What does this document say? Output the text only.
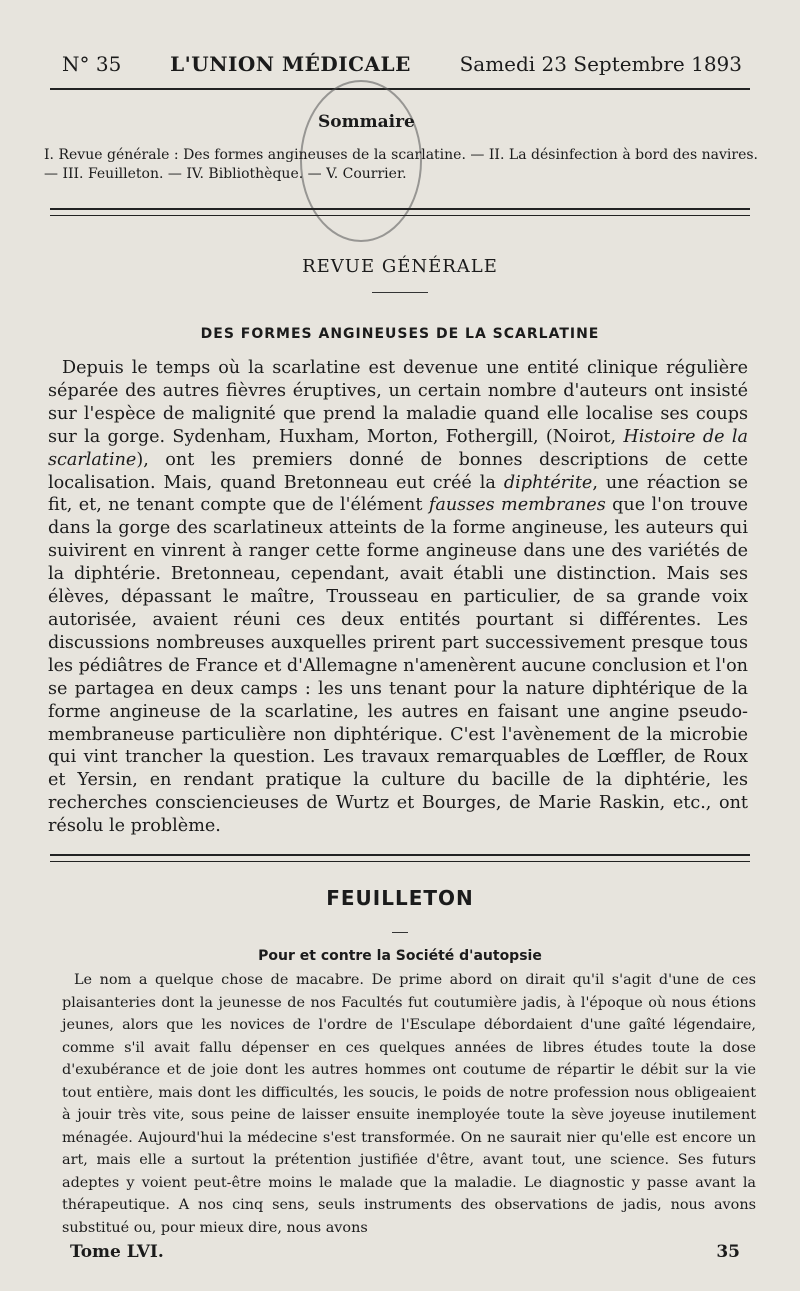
N° 35 L'UNION MÉDICALE Samedi 23 Septembre 1893
Sommaire
I. Revue générale : Des formes angineuses de la scarlatine. — II. La désinfection à bord des navires. — III. Feuilleton. — IV. Bibliothèque. — V. Courrier.
REVUE GÉNÉRALE
DES FORMES ANGINEUSES DE LA SCARLATINE

Depuis le temps où la scarlatine est devenue une entité clinique régulière séparée des autres fièvres éruptives, un certain nombre d'auteurs ont insisté sur l'espèce de malignité que prend la maladie quand elle localise ses coups sur la gorge. Sydenham, Huxham, Morton, Fothergill, (Noirot, Histoire de la scarlatine), ont les premiers donné de bonnes descriptions de cette localisation. Mais, quand Bretonneau eut créé la diphtérite, une réaction se fit, et, ne tenant compte que de l'élément fausses membranes que l'on trouve dans la gorge des scarlatineux atteints de la forme angineuse, les auteurs qui suivirent en vinrent à ranger cette forme angineuse dans une des variétés de la diphtérie. Bretonneau, cependant, avait établi une distinction. Mais ses élèves, dépassant le maître, Trousseau en particulier, de sa grande voix autorisée, avaient réuni ces deux entités pourtant si différentes. Les discussions nombreuses auxquelles prirent part successivement presque tous les pédiâtres de France et d'Allemagne n'amenèrent aucune conclusion et l'on se partagea en deux camps : les uns tenant pour la nature diphtérique de la forme angineuse de la scarlatine, les autres en faisant une angine pseudo-membraneuse particulière non diphtérique. C'est l'avènement de la microbie qui vint trancher la question. Les travaux remarquables de Lœffler, de Roux et Yersin, en rendant pratique la culture du bacille de la diphtérie, les recherches consciencieuses de Wurtz et Bourges, de Marie Raskin, etc., ont résolu le problème.

FEUILLETON
Pour et contre la Société d'autopsie

Le nom a quelque chose de macabre. De prime abord on dirait qu'il s'agit d'une de ces plaisanteries dont la jeunesse de nos Facultés fut coutumière jadis, à l'époque où nous étions jeunes, alors que les novices de l'ordre de l'Esculape débordaient d'une gaîté légendaire, comme s'il avait fallu dépenser en ces quelques années de libres études toute la dose d'exubérance et de joie dont les autres hommes ont coutume de répartir le débit sur la vie tout entière, mais dont les difficultés, les soucis, le poids de notre profession nous obligeaient à jouir très vite, sous peine de laisser ensuite inemployée toute la sève joyeuse inutilement ménagée. Aujourd'hui la médecine s'est transformée. On ne saurait nier qu'elle est encore un art, mais elle a surtout la prétention justifiée d'être, avant tout, une science. Ses futurs adeptes y voient peut-être moins le malade que la maladie. Le diagnostic y passe avant la thérapeutique. A nos cinq sens, seuls instruments des observations de jadis, nous avons substitué ou, pour mieux dire, nous avons

Tome LVI.	35
